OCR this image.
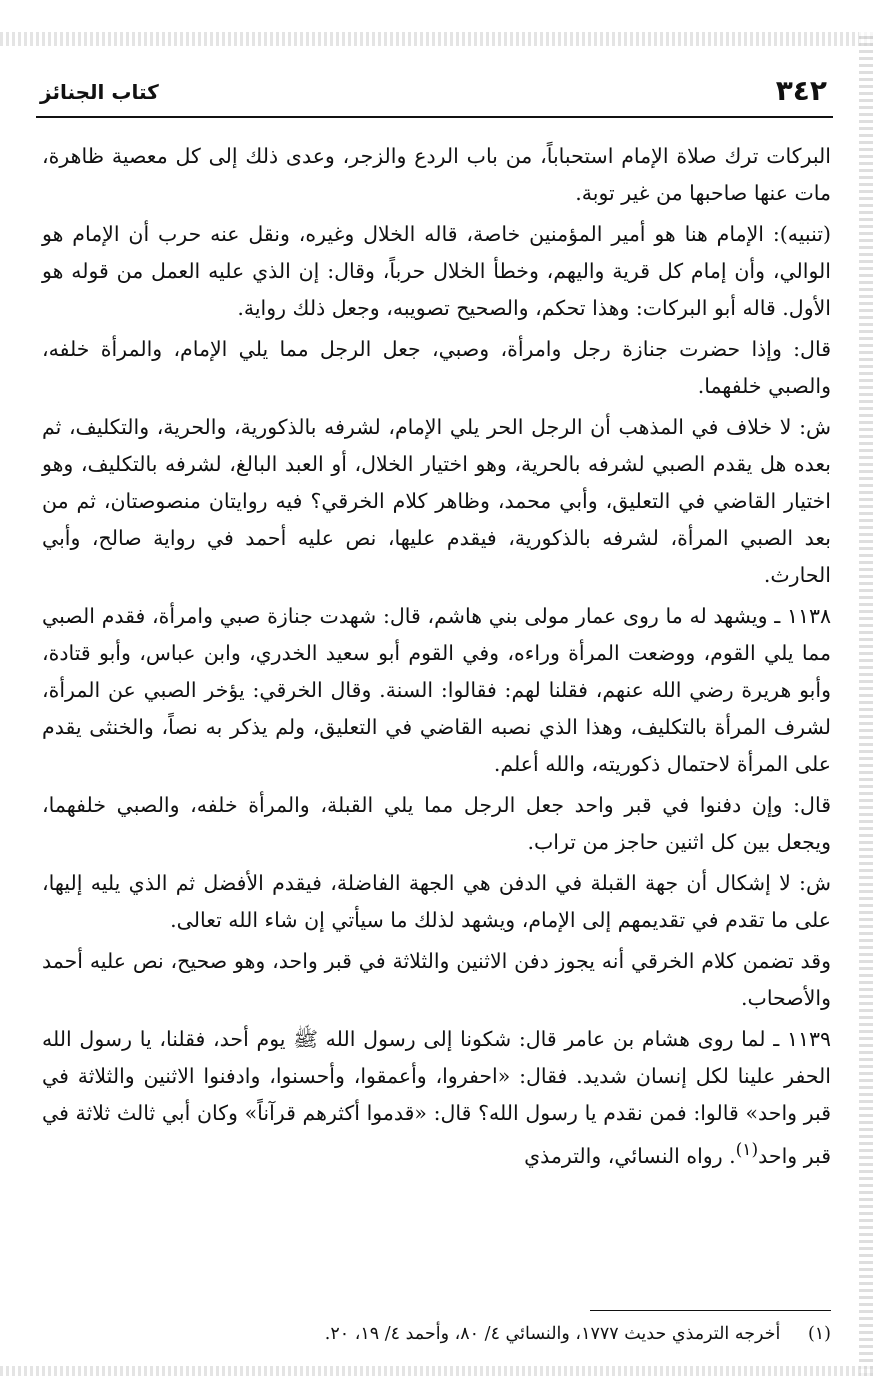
٣٤٢
كتاب الجنائز

البركات ترك صلاة الإمام استحباباً، من باب الردع والزجر، وعدى ذلك إلى كل معصية ظاهرة، مات عنها صاحبها من غير توبة.

(تنبيه): الإمام هنا هو أمير المؤمنين خاصة، قاله الخلال وغيره، ونقل عنه حرب أن الإمام هو الوالي، وأن إمام كل قرية واليهم، وخطأ الخلال حرباً، وقال: إن الذي عليه العمل من قوله هو الأول. قاله أبو البركات: وهذا تحكم، والصحيح تصويبه، وجعل ذلك رواية.

قال: وإذا حضرت جنازة رجل وامرأة، وصبي، جعل الرجل مما يلي الإمام، والمرأة خلفه، والصبي خلفهما.

ش: لا خلاف في المذهب أن الرجل الحر يلي الإمام، لشرفه بالذكورية، والحرية، والتكليف، ثم بعده هل يقدم الصبي لشرفه بالحرية، وهو اختيار الخلال، أو العبد البالغ، لشرفه بالتكليف، وهو اختيار القاضي في التعليق، وأبي محمد، وظاهر كلام الخرقي؟ فيه روايتان منصوصتان، ثم من بعد الصبي المرأة، لشرفه بالذكورية، فيقدم عليها، نص عليه أحمد في رواية صالح، وأبي الحارث.

١١٣٨ ـ ويشهد له ما روى عمار مولى بني هاشم، قال: شهدت جنازة صبي وامرأة، فقدم الصبي مما يلي القوم، ووضعت المرأة وراءه، وفي القوم أبو سعيد الخدري، وابن عباس، وأبو قتادة، وأبو هريرة رضي الله عنهم، فقلنا لهم: فقالوا: السنة. وقال الخرقي: يؤخر الصبي عن المرأة، لشرف المرأة بالتكليف، وهذا الذي نصبه القاضي في التعليق، ولم يذكر به نصاً، والخنثى يقدم على المرأة لاحتمال ذكوريته، والله أعلم.

قال: وإن دفنوا في قبر واحد جعل الرجل مما يلي القبلة، والمرأة خلفه، والصبي خلفهما، ويجعل بين كل اثنين حاجز من تراب.

ش: لا إشكال أن جهة القبلة في الدفن هي الجهة الفاضلة، فيقدم الأفضل ثم الذي يليه إليها، على ما تقدم في تقديمهم إلى الإمام، ويشهد لذلك ما سيأتي إن شاء الله تعالى.

وقد تضمن كلام الخرقي أنه يجوز دفن الاثنين والثلاثة في قبر واحد، وهو صحيح، نص عليه أحمد والأصحاب.

١١٣٩ ـ لما روى هشام بن عامر قال: شكونا إلى رسول الله ﷺ يوم أحد، فقلنا، يا رسول الله الحفر علينا لكل إنسان شديد. فقال: «احفروا، وأعمقوا، وأحسنوا، وادفنوا الاثنين والثلاثة في قبر واحد» قالوا: فمن نقدم يا رسول الله؟ قال: «قدموا أكثرهم قرآناً» وكان أبي ثالث ثلاثة في قبر واحد$^{(١)}$. رواه النسائي، والترمذي

(١) أخرجه الترمذي حديث ١٧٧٧، والنسائي ٤/ ٨٠، وأحمد ٤/ ١٩، ٢٠.
